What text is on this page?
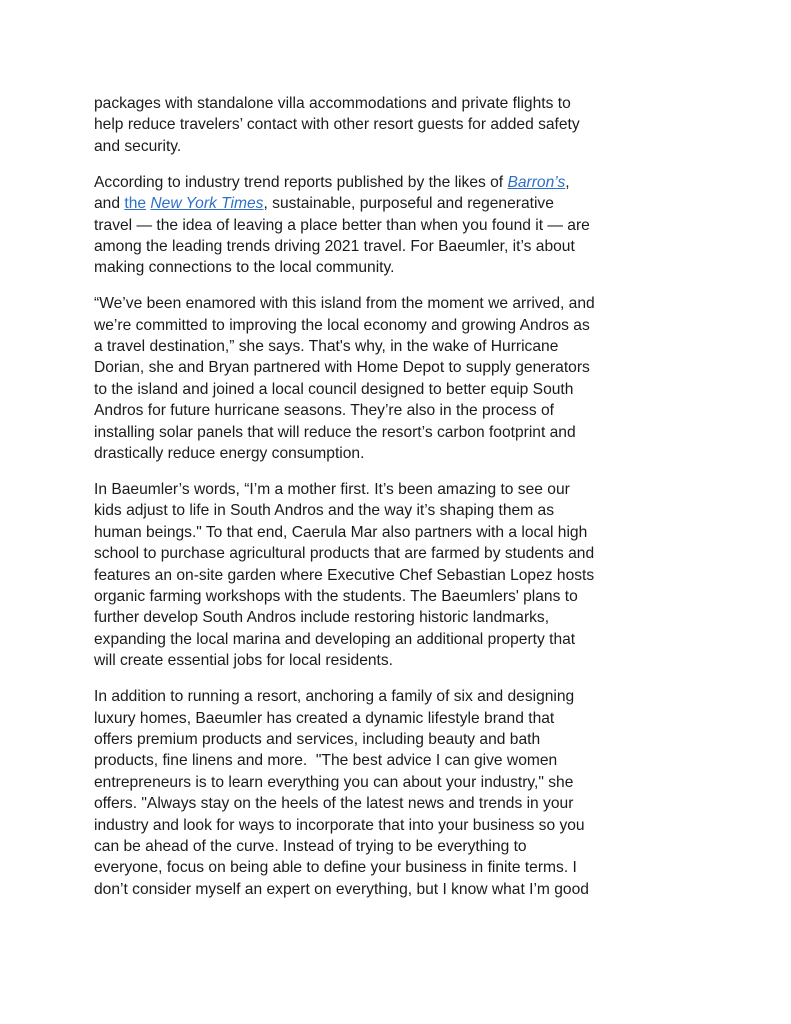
packages with standalone villa accommodations and private flights to
help reduce travelers’ contact with other resort guests for added safety
and security.

According to industry trend reports published by the likes of Barron’s,
and the New York Times, sustainable, purposeful and regenerative
travel — the idea of leaving a place better than when you found it — are
among the leading trends driving 2021 travel. For Baeumler, it’s about
making connections to the local community.

“We’ve been enamored with this island from the moment we arrived, and
we’re committed to improving the local economy and growing Andros as
a travel destination,” she says. That's why, in the wake of Hurricane
Dorian, she and Bryan partnered with Home Depot to supply generators
to the island and joined a local council designed to better equip South
Andros for future hurricane seasons. They’re also in the process of
installing solar panels that will reduce the resort’s carbon footprint and
drastically reduce energy consumption.

In Baeumler’s words, “I’m a mother first. It’s been amazing to see our
kids adjust to life in South Andros and the way it’s shaping them as
human beings." To that end, Caerula Mar also partners with a local high
school to purchase agricultural products that are farmed by students and
features an on-site garden where Executive Chef Sebastian Lopez hosts
organic farming workshops with the students. The Baeumlers' plans to
further develop South Andros include restoring historic landmarks,
expanding the local marina and developing an additional property that
will create essential jobs for local residents.

In addition to running a resort, anchoring a family of six and designing
luxury homes, Baeumler has created a dynamic lifestyle brand that
offers premium products and services, including beauty and bath
products, fine linens and more.  "The best advice I can give women
entrepreneurs is to learn everything you can about your industry," she
offers. "Always stay on the heels of the latest news and trends in your
industry and look for ways to incorporate that into your business so you
can be ahead of the curve. Instead of trying to be everything to
everyone, focus on being able to define your business in finite terms. I
don’t consider myself an expert on everything, but I know what I’m good
